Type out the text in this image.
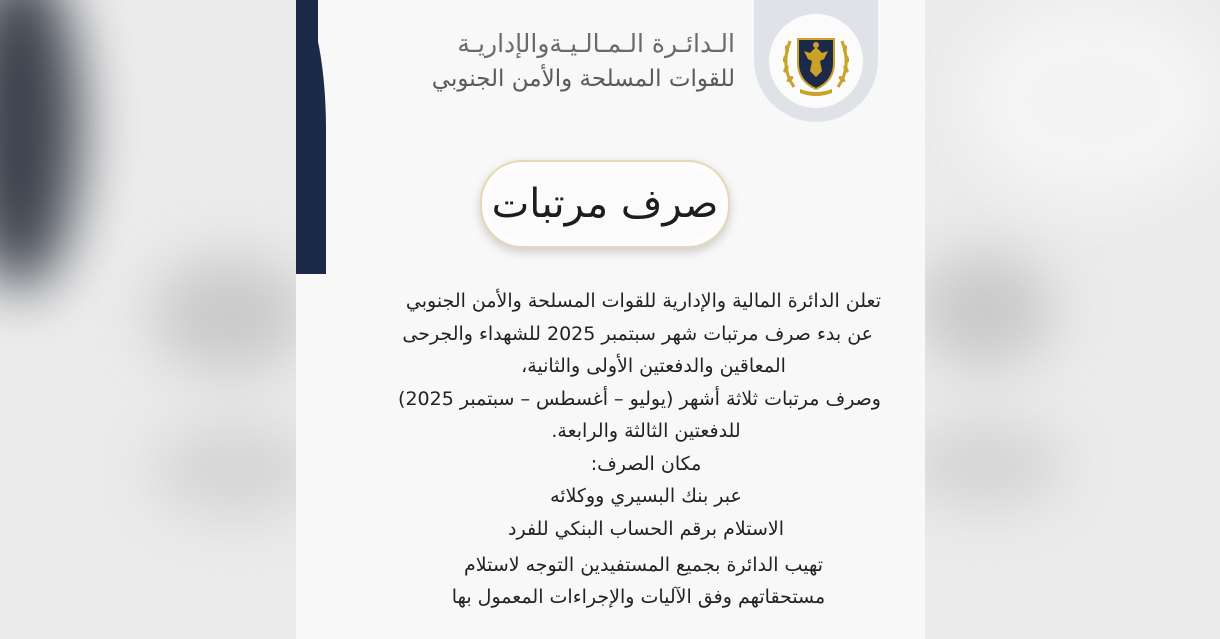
الـدائـرة الـمـالـيـةوالإداريـة
للقوات المسلحة والأمن الجنوبي
صرف مرتبات
تعلن الدائرة المالية والإدارية للقوات المسلحة والأمن الجنوبي
عن بدء صرف مرتبات شهر سبتمبر 2025 للشهداء والجرحى
المعاقين والدفعتين الأولى والثانية،
وصرف مرتبات ثلاثة أشهر (يوليو – أغسطس – سبتمبر 2025)
للدفعتين الثالثة والرابعة.
مكان الصرف:
عبر بنك البسيري ووكلائه
الاستلام برقم الحساب البنكي للفرد
تهيب الدائرة بجميع المستفيدين التوجه لاستلام
مستحقاتهم وفق الآليات والإجراءات المعمول بها
